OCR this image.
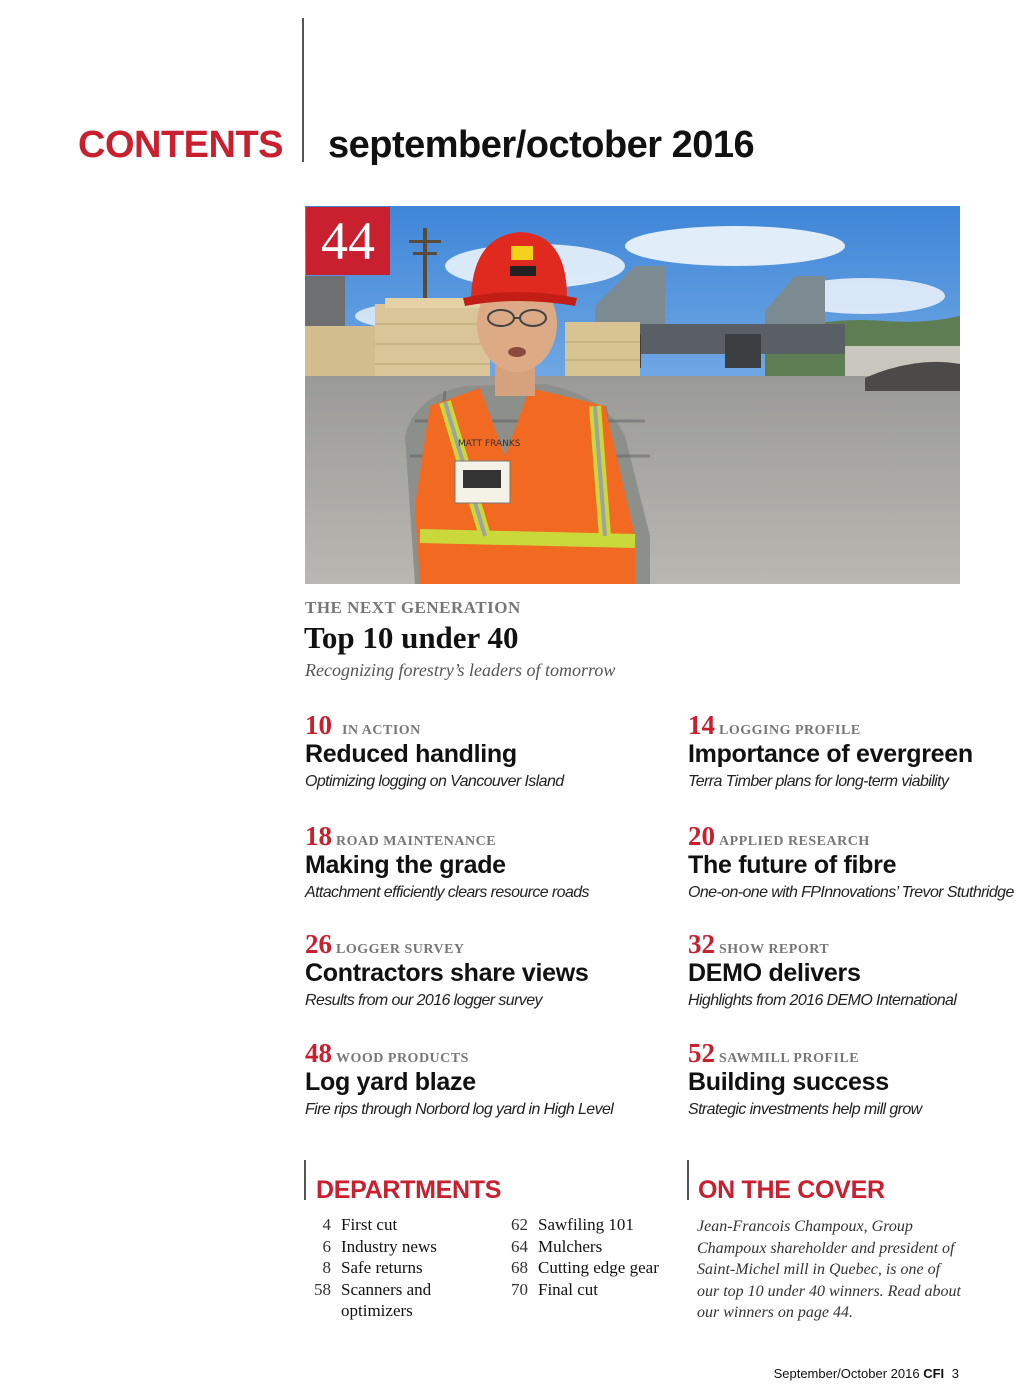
CONTENTS september/october 2016
MATT FRANKS
44
THE NEXT GENERATION
Top 10 under 40
Recognizing forestry’s leaders of tomorrow
10 IN ACTION
Reduced handling
Optimizing logging on Vancouver Island
14 LOGGING PROFILE
Importance of evergreen
Terra Timber plans for long-term viability
18 ROAD MAINTENANCE
Making the grade
Attachment efficiently clears resource roads
20 APPLIED RESEARCH
The future of fibre
One-on-one with FPInnovations’ Trevor Stuthridge
26 LOGGER SURVEY
Contractors share views
Results from our 2016 logger survey
32 SHOW REPORT
DEMO delivers
Highlights from 2016 DEMO International
48 WOOD PRODUCTS
Log yard blaze
Fire rips through Norbord log yard in High Level
52 SAWMILL PROFILE
Building success
Strategic investments help mill grow
DEPARTMENTS
4 First cut
6 Industry news
8 Safe returns
58 Scanners and
optimizers
62 Sawfiling 101
64 Mulchers
68 Cutting edge gear
70 Final cut
ON THE COVER
Jean-Francois Champoux, Group Champoux shareholder and president of Saint-Michel mill in Quebec, is one of our top 10 under 40 winners. Read about our winners on page 44.
September/October 2016 CFI 3
